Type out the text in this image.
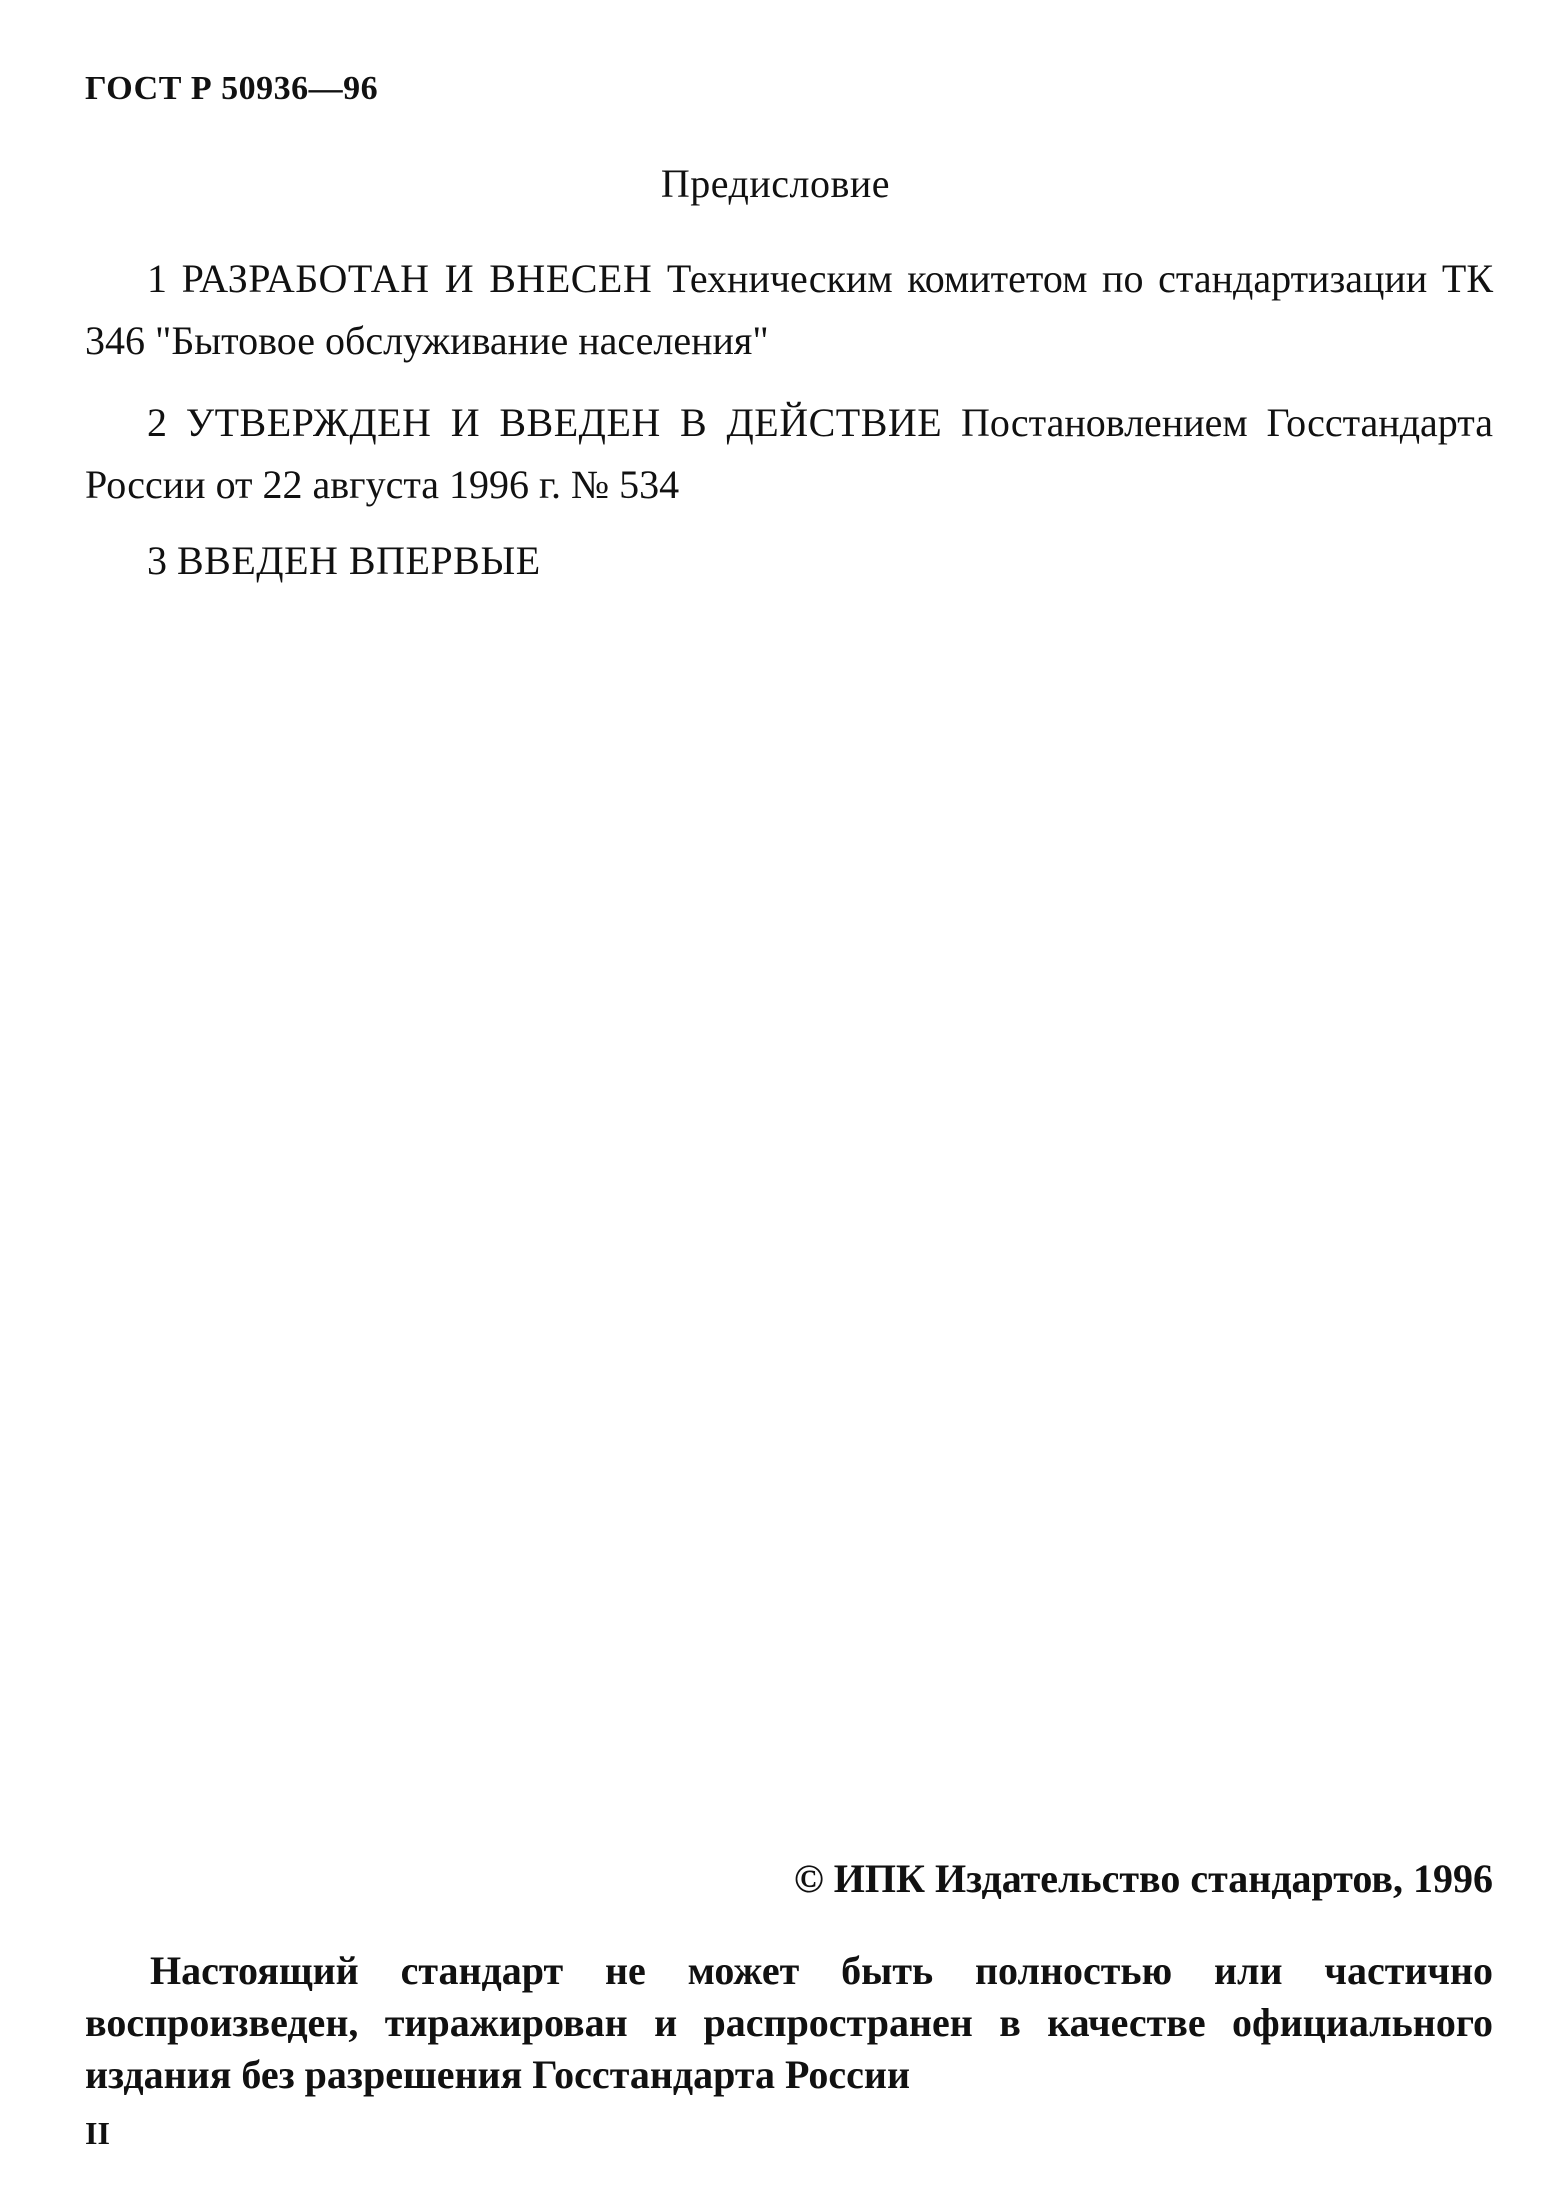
ГОСТ Р 50936—96
Предисловие
1 РАЗРАБОТАН И ВНЕСЕН Техническим комитетом по стандартизации ТК 346 "Бытовое обслуживание населения"
2 УТВЕРЖДЕН И ВВЕДЕН В ДЕЙСТВИЕ Постановлением Госстандарта России от 22 августа 1996 г. № 534
3 ВВЕДЕН ВПЕРВЫЕ
© ИПК Издательство стандартов, 1996
Настоящий стандарт не может быть полностью или частично воспроизведен, тиражирован и распространен в качестве официального издания без разрешения Госстандарта России
II
